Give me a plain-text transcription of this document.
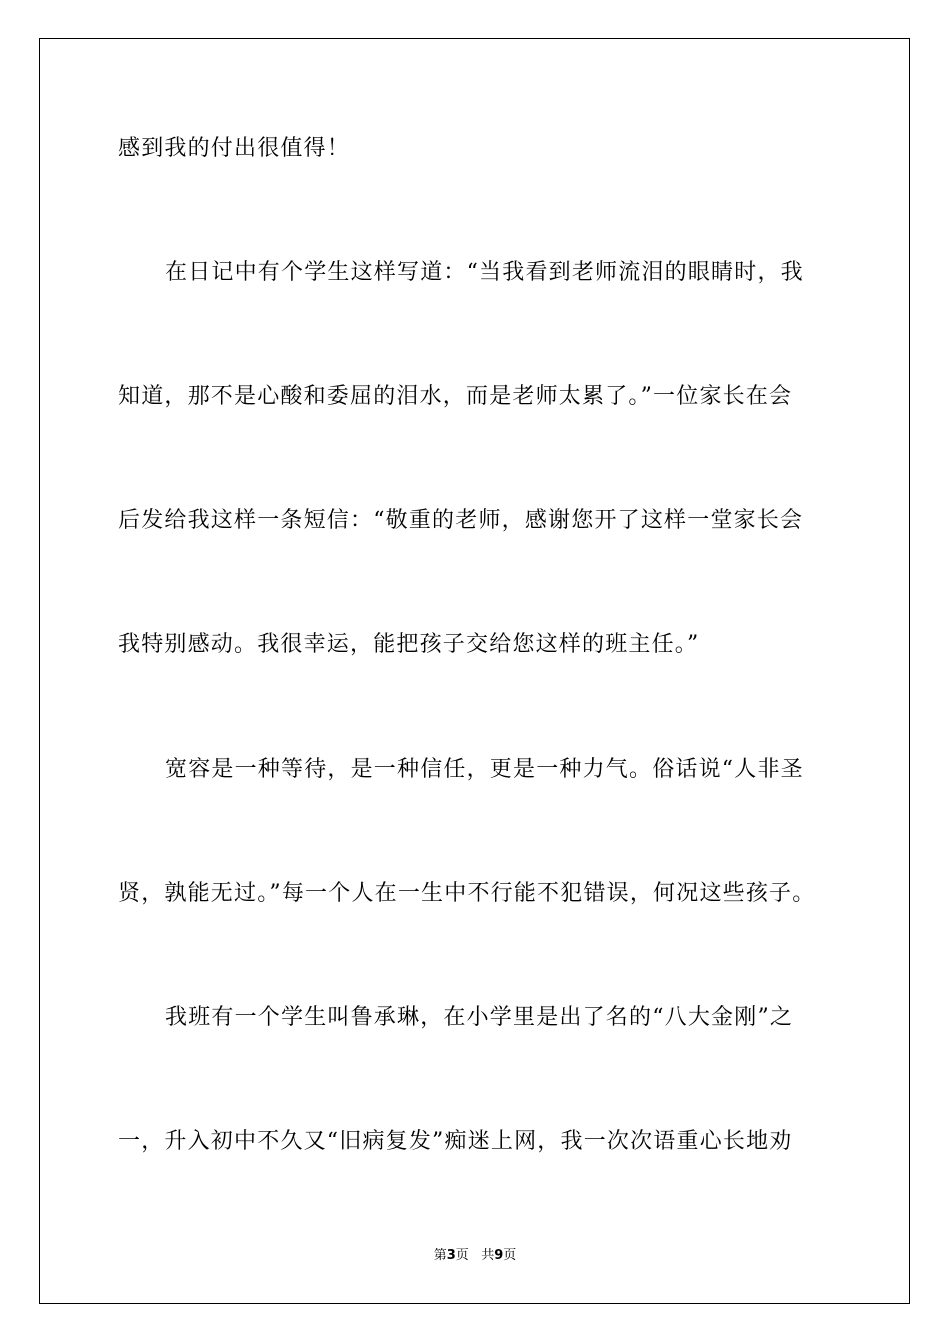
感到我的付出很值得！
在日记中有个学生这样写道：“当我看到老师流泪的眼睛时，我
知道，那不是心酸和委屈的泪水，而是老师太累了。”一位家长在会
后发给我这样一条短信：“敬重的老师，感谢您开了这样一堂家长会
我特别感动。我很幸运，能把孩子交给您这样的班主任。”
宽容是一种等待，是一种信任，更是一种力气。俗话说“人非圣
贤，孰能无过。”每一个人在一生中不行能不犯错误，何况这些孩子。
我班有一个学生叫鲁承琳，在小学里是出了名的“八大金刚”之
一，升入初中不久又“旧病复发”痴迷上网，我一次次语重心长地劝
第3页 共9页
